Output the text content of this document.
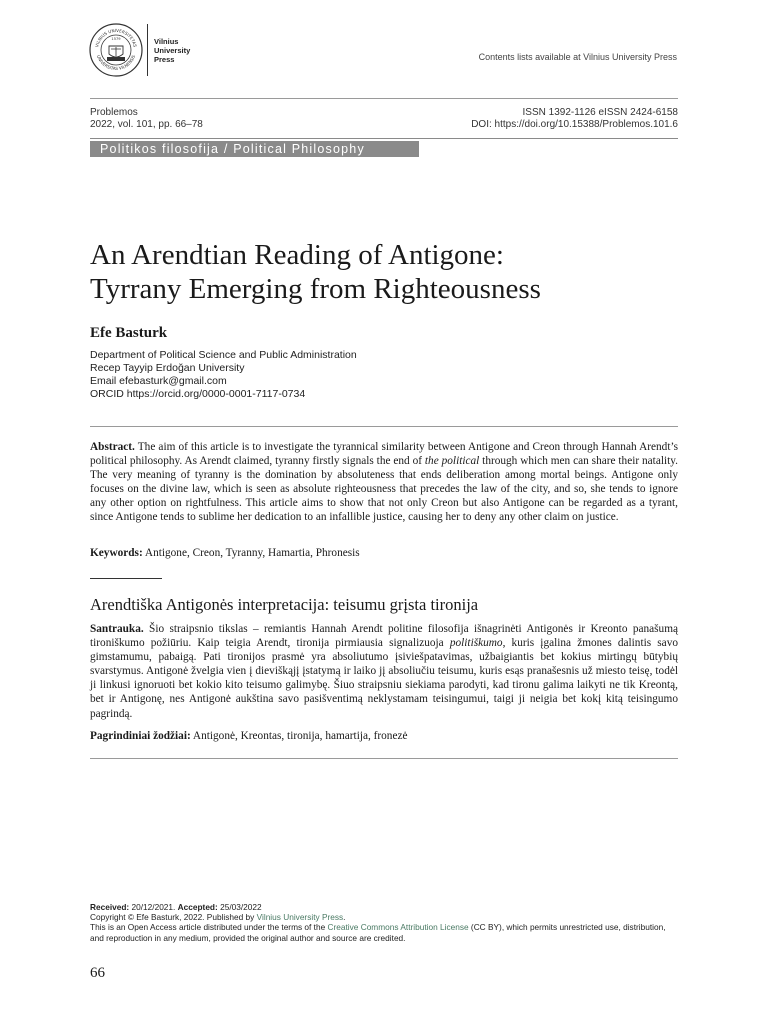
VILNIUS UNIVERSITETAS
UNIVERSITAS VILNENSIS
1579	Vilnius
University
Press	Contents lists available at Vilnius University Press
Problemos
2022, vol. 101, pp. 66–78
ISSN 1392-1126 eISSN 2424-6158
DOI: https://doi.org/10.15388/Problemos.101.6
Politikos filosofija / Political Philosophy
An Arendtian Reading of Antigone:
Tyrrany Emerging from Righteousness
Efe Basturk
Department of Political Science and Public Administration
Recep Tayyip Erdoğan University
Email efebasturk@gmail.com
ORCID https://orcid.org/0000-0001-7117-0734

Abstract. The aim of this article is to investigate the tyrannical similarity between Antigone and Creon through Hannah Arendt’s political philosophy. As Arendt claimed, tyranny firstly signals the end of the political through which men can share their natality. The very meaning of tyranny is the domination by absoluteness that ends deliberation among mortal beings. Antigone only focuses on the divine law, which is seen as absolute righteousness that precedes the law of the city, and so, she tends to ignore any other option on rightfulness. This article aims to show that not only Creon but also Antigone can be regarded as a tyrant, since Antigone tends to sublime her dedication to an infallible justice, causing her to deny any other claim on justice.

Keywords: Antigone, Creon, Tyranny, Hamartia, Phronesis

Arendtiška Antigonės interpretacija: teisumu grįsta tironija

Santrauka. Šio straipsnio tikslas – remiantis Hannah Arendt politine filosofija išnagrinėti Antigonės ir Kreonto panašumą tironiškumo požiūriu. Kaip teigia Arendt, tironija pirmiausia signalizuoja politiškumo, kuris įgalina žmones dalintis savo gimstamumu, pabaigą. Pati tironijos prasmė yra absoliutumo įsiviešpatavimas, užbaigiantis bet kokius mirtingų būtybių svarstymus. Antigonė žvelgia vien į dieviškąjį įstatymą ir laiko jį absoliučiu teisumu, kuris esąs pranašesnis už miesto teisę, todėl ji linkusi ignoruoti bet kokio kito teisumo galimybę. Šiuo straipsniu siekiama parodyti, kad tironu galima laikyti ne tik Kreontą, bet ir Antigonę, nes Antigonė aukština savo pasišventimą neklystamam teisingumui, taigi ji neigia bet kokį kitą teisingumo pagrindą.

Pagrindiniai žodžiai: Antigonė, Kreontas, tironija, hamartija, fronezė

Received: 20/12/2021. Accepted: 25/03/2022
Copyright © Efe Basturk, 2022. Published by Vilnius University Press.
This is an Open Access article distributed under the terms of the Creative Commons Attribution License (CC BY), which permits unrestricted use, distribution, and reproduction in any medium, provided the original author and source are credited.
66
